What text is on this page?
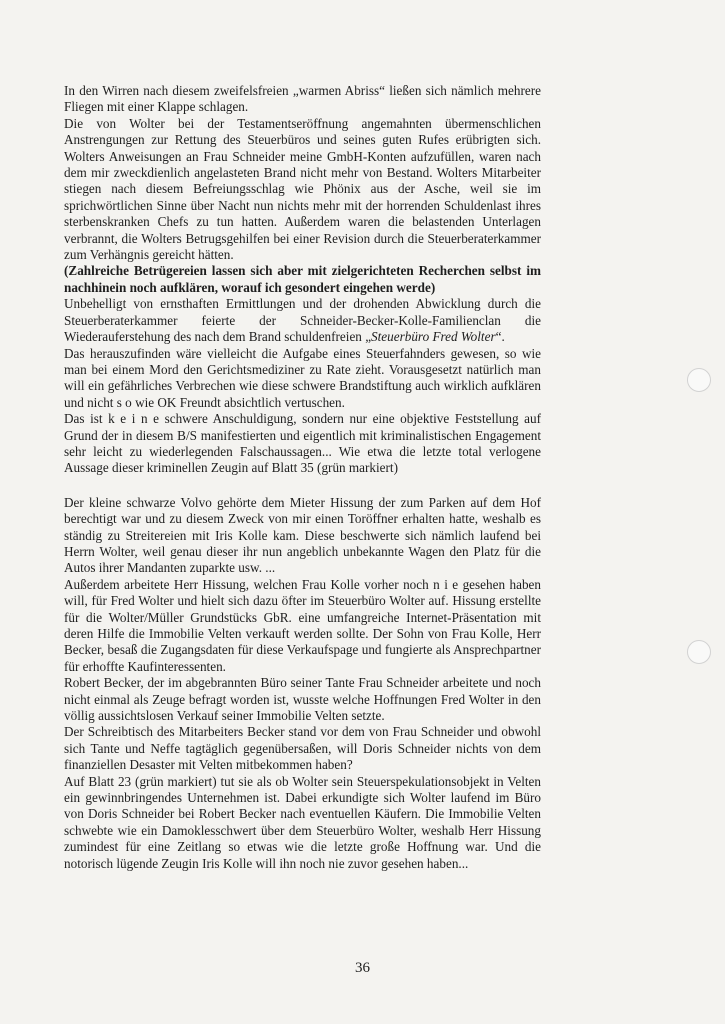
In den Wirren nach diesem zweifelsfreien „warmen Abriss“ ließen sich nämlich mehrere Fliegen mit einer Klappe schlagen.

Die von Wolter bei der Testamentseröffnung angemahnten übermenschlichen Anstrengungen zur Rettung des Steuerbüros und seines guten Rufes erübrigten sich. Wolters Anweisungen an Frau Schneider meine GmbH-Konten aufzufüllen, waren nach dem mir zweckdienlich angelasteten Brand nicht mehr von Bestand. Wolters Mitarbeiter stiegen nach diesem Befreiungsschlag wie Phönix aus der Asche, weil sie im sprichwörtlichen Sinne über Nacht nun nichts mehr mit der horrenden Schuldenlast ihres sterbenskranken Chefs zu tun hatten. Außerdem waren die belastenden Unterlagen verbrannt, die Wolters Betrugsgehilfen bei einer Revision durch die Steuerberaterkammer zum Verhängnis gereicht hätten.

(Zahlreiche Betrügereien lassen sich aber mit zielgerichteten Recherchen selbst im nachhinein noch aufklären, worauf ich gesondert eingehen werde)

Unbehelligt von ernsthaften Ermittlungen und der drohenden Abwicklung durch die Steuerberaterkammer feierte der Schneider-Becker-Kolle-Familienclan die Wiederauferstehung des nach dem Brand schuldenfreien „Steuerbüro Fred Wolter“.

Das herauszufinden wäre vielleicht die Aufgabe eines Steuerfahnders gewesen, so wie man bei einem Mord den Gerichtsmediziner zu Rate zieht. Vorausgesetzt natürlich man will ein gefährliches Verbrechen wie diese schwere Brandstiftung auch wirklich aufklären und nicht s o wie OK Freundt absichtlich vertuschen.

Das ist k e i n e schwere Anschuldigung, sondern nur eine objektive Feststellung auf Grund der in diesem B/S manifestierten und eigentlich mit kriminalistischen Engagement sehr leicht zu wiederlegenden Falschaussagen... Wie etwa die letzte total verlogene Aussage dieser kriminellen Zeugin auf Blatt 35 (grün markiert)

Der kleine schwarze Volvo gehörte dem Mieter Hissung der zum Parken auf dem Hof berechtigt war und zu diesem Zweck von mir einen Toröffner erhalten hatte, weshalb es ständig zu Streitereien mit Iris Kolle kam. Diese beschwerte sich nämlich laufend bei Herrn Wolter, weil genau dieser ihr nun angeblich unbekannte Wagen den Platz für die Autos ihrer Mandanten zuparkte usw. ...

Außerdem arbeitete Herr Hissung, welchen Frau Kolle vorher noch n i e gesehen haben will, für Fred Wolter und hielt sich dazu öfter im Steuerbüro Wolter auf. Hissung erstellte für die Wolter/Müller Grundstücks GbR. eine umfangreiche Internet-Präsentation mit deren Hilfe die Immobilie Velten verkauft werden sollte. Der Sohn von Frau Kolle, Herr Becker, besaß die Zugangsdaten für diese Verkaufspage und fungierte als Ansprechpartner für erhoffte Kaufinteressenten.

Robert Becker, der im abgebrannten Büro seiner Tante Frau Schneider arbeitete und noch nicht einmal als Zeuge befragt worden ist, wusste welche Hoffnungen Fred Wolter in den völlig aussichtslosen Verkauf seiner Immobilie Velten setzte.

Der Schreibtisch des Mitarbeiters Becker stand vor dem von Frau Schneider und obwohl sich Tante und Neffe tagtäglich gegenübersaßen, will Doris Schneider nichts von dem finanziellen Desaster mit Velten mitbekommen haben?

Auf Blatt 23 (grün markiert) tut sie als ob Wolter sein Steuerspekulationsobjekt in Velten ein gewinnbringendes Unternehmen ist. Dabei erkundigte sich Wolter laufend im Büro von Doris Schneider bei Robert Becker nach eventuellen Käufern. Die Immobilie Velten schwebte wie ein Damoklesschwert über dem Steuerbüro Wolter, weshalb Herr Hissung zumindest für eine Zeitlang so etwas wie die letzte große Hoffnung war. Und die notorisch lügende Zeugin Iris Kolle will ihn noch nie zuvor gesehen haben...

36
